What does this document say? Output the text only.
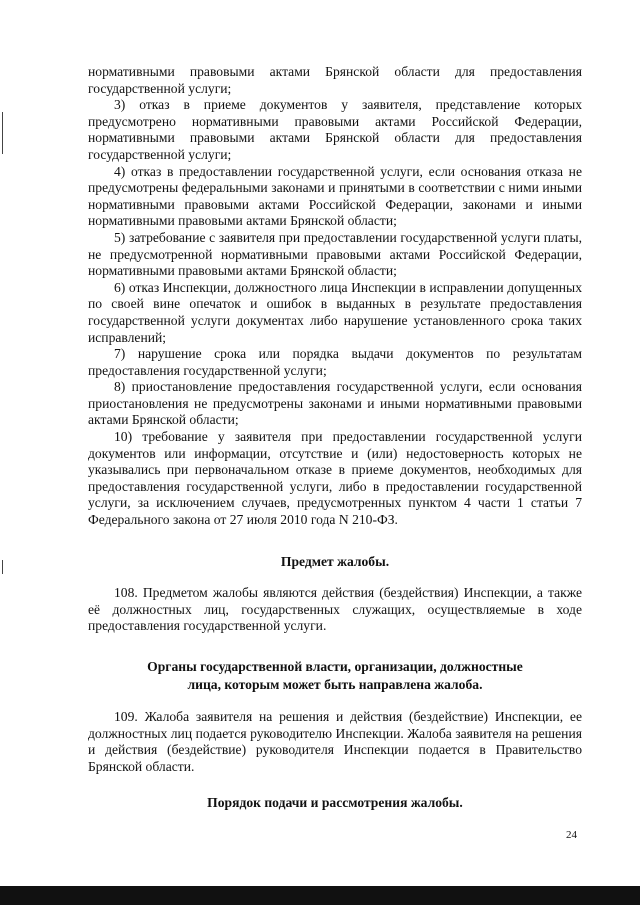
нормативными правовыми актами Брянской области для предоставления государственной услуги;

3) отказ в приеме документов у заявителя, представление которых предусмотрено нормативными правовыми актами Российской Федерации, нормативными правовыми актами Брянской области для предоставления государственной услуги;

4) отказ в предоставлении государственной услуги, если основания отказа не предусмотрены федеральными законами и принятыми в соответствии с ними иными нормативными правовыми актами Российской Федерации, законами и иными нормативными правовыми актами Брянской области;

5) затребование с заявителя при предоставлении государственной услуги платы, не предусмотренной нормативными правовыми актами Российской Федерации, нормативными правовыми актами Брянской области;

6) отказ Инспекции, должностного лица Инспекции в исправлении допущенных по своей вине опечаток и ошибок в выданных в результате предоставления государственной услуги документах либо нарушение установленного срока таких исправлений;

7) нарушение срока или порядка выдачи документов по результатам предоставления государственной услуги;

8) приостановление предоставления государственной услуги, если основания приостановления не предусмотрены законами и иными нормативными правовыми актами Брянской области;

10) требование у заявителя при предоставлении государственной услуги документов или информации, отсутствие и (или) недостоверность которых не указывались при первоначальном отказе в приеме документов, необходимых для предоставления государственной услуги, либо в предоставлении государственной услуги, за исключением случаев, предусмотренных пунктом 4 части 1 статьи 7 Федерального закона от 27 июля 2010 года N 210-ФЗ.

Предмет жалобы.

108. Предметом жалобы являются действия (бездействия) Инспекции, а также её должностных лиц, государственных служащих, осуществляемые в ходе предоставления государственной услуги.

Органы государственной власти, организации, должностные
лица, которым может быть направлена жалоба.

109. Жалоба заявителя на решения и действия (бездействие) Инспекции, ее должностных лиц подается руководителю Инспекции. Жалоба заявителя на решения и действия (бездействие) руководителя Инспекции подается в Правительство Брянской области.

Порядок подачи и рассмотрения жалобы.
24
